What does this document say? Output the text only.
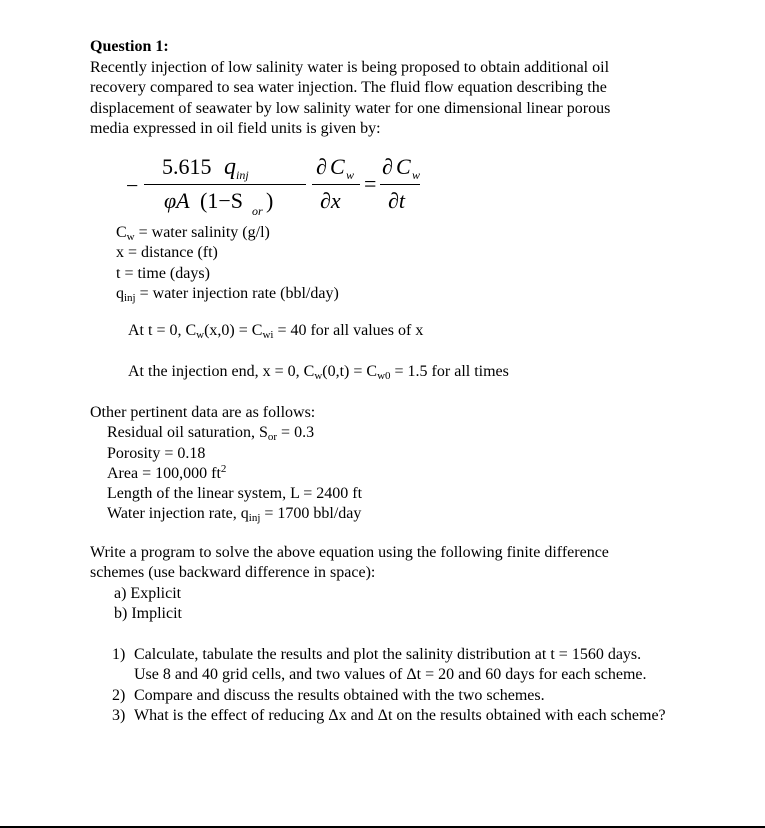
Question 1:
Recently injection of low salinity water is being proposed to obtain additional oil
recovery compared to sea water injection. The fluid flow equation describing the
displacement of seawater by low salinity water for one dimensional linear porous
media expressed in oil field units is given by:
−
5.615 q inj
φA (1−S or )
∂ C w
∂x
=
∂ C w
∂t
$C_w$ = water salinity (g/l)
x = distance (ft)
t = time (days)
$q_{inj}$ = water injection rate (bbl/day)
At t = 0, $C_w(x,0) = C_{wi} = 40$ for all values of x
At the injection end, x = 0, $C_w(0,t) = C_{w0} = 1.5$ for all times
Other pertinent data are as follows:
Residual oil saturation, $S_{or} = 0.3$
Porosity = 0.18
Area = 100,000 $ft^2$
Length of the linear system, L = 2400 ft
Water injection rate, $q_{inj} = 1700$ bbl/day
Write a program to solve the above equation using the following finite difference
schemes (use backward difference in space):
a) Explicit
b) Implicit
1) Calculate, tabulate the results and plot the salinity distribution at t = 1560 days.
Use 8 and 40 grid cells, and two values of Δt = 20 and 60 days for each scheme.
2) Compare and discuss the results obtained with the two schemes.
3) What is the effect of reducing Δx and Δt on the results obtained with each scheme?
